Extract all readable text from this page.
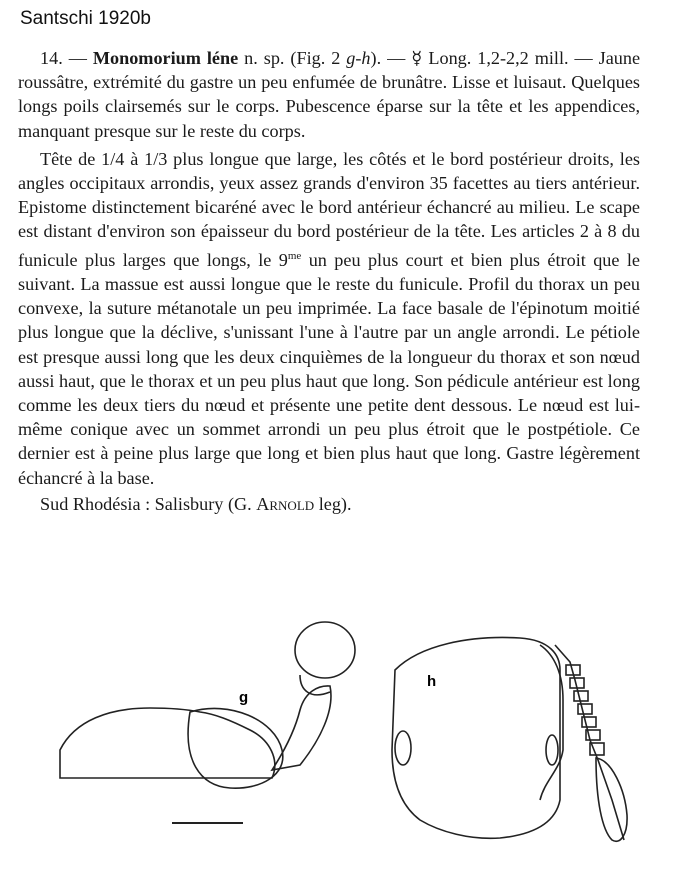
Santschi 1920b

14. — Monomorium léne n. sp. (Fig. 2 g-h). — ☿ Long. 1,2-2,2 mill. — Jaune roussâtre, extrémité du gastre un peu enfumée de brunâtre. Lisse et luisaut. Quelques longs poils clairsemés sur le corps. Pubescence éparse sur la tête et les appendices, manquant presque sur le reste du corps.

Tête de 1/4 à 1/3 plus longue que large, les côtés et le bord postérieur droits, les angles occipitaux arrondis, yeux assez grands d'environ 35 facettes au tiers antérieur. Epistome distinctement bicaréné avec le bord antérieur échancré au milieu. Le scape est distant d'environ son épaisseur du bord postérieur de la tête. Les articles 2 à 8 du funicule plus larges que longs, le $9^{me}$ un peu plus court et bien plus étroit que le suivant. La massue est aussi longue que le reste du funicule. Profil du thorax un peu convexe, la suture métanotale un peu imprimée. La face basale de l'épinotum moitié plus longue que la déclive, s'unissant l'une à l'autre par un angle arrondi. Le pétiole est presque aussi long que les deux cinquièmes de la longueur du thorax et son nœud aussi haut, que le thorax et un peu plus haut que long. Son pédicule antérieur est long comme les deux tiers du nœud et présente une petite dent dessous. Le nœud est lui-même conique avec un sommet arrondi un peu plus étroit que le postpétiole. Ce dernier est à peine plus large que long et bien plus haut que long. Gastre légèrement échancré à la base.

Sud Rhodésia : Salisbury (G. Arnold leg).

g
h
